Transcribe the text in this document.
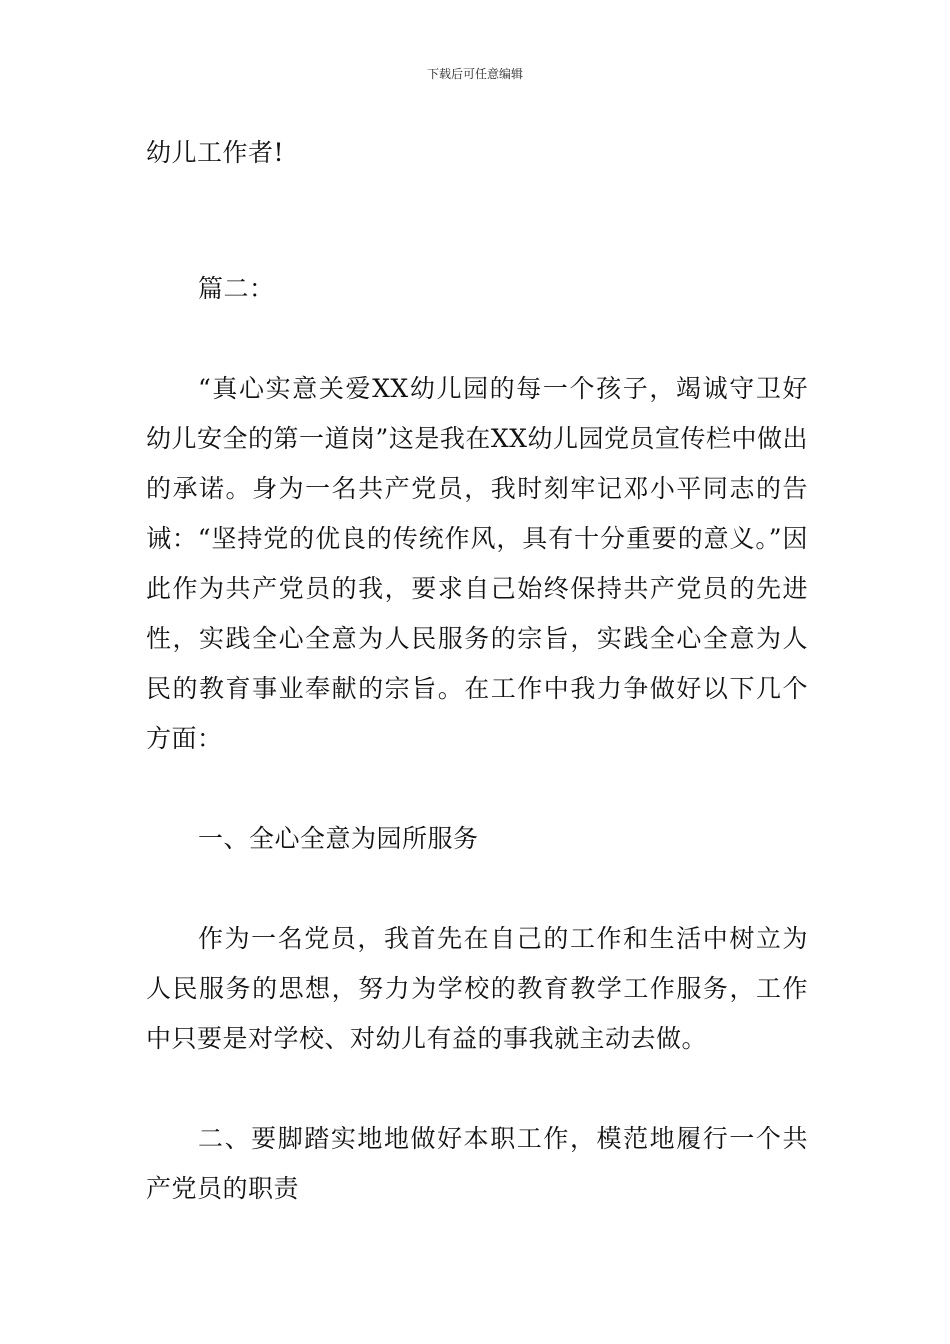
下载后可任意编辑

幼儿工作者!

篇二：

“真心实意关爱XX幼儿园的每一个孩子，竭诚守卫好幼儿安全的第一道岗”这是我在XX幼儿园党员宣传栏中做出的承诺。身为一名共产党员，我时刻牢记邓小平同志的告诫：“坚持党的优良的传统作风，具有十分重要的意义。”因此作为共产党员的我，要求自己始终保持共产党员的先进性，实践全心全意为人民服务的宗旨，实践全心全意为人民的教育事业奉献的宗旨。在工作中我力争做好以下几个方面：

一、全心全意为园所服务

作为一名党员，我首先在自己的工作和生活中树立为人民服务的思想，努力为学校的教育教学工作服务，工作中只要是对学校、对幼儿有益的事我就主动去做。

二、要脚踏实地地做好本职工作，模范地履行一个共产党员的职责
